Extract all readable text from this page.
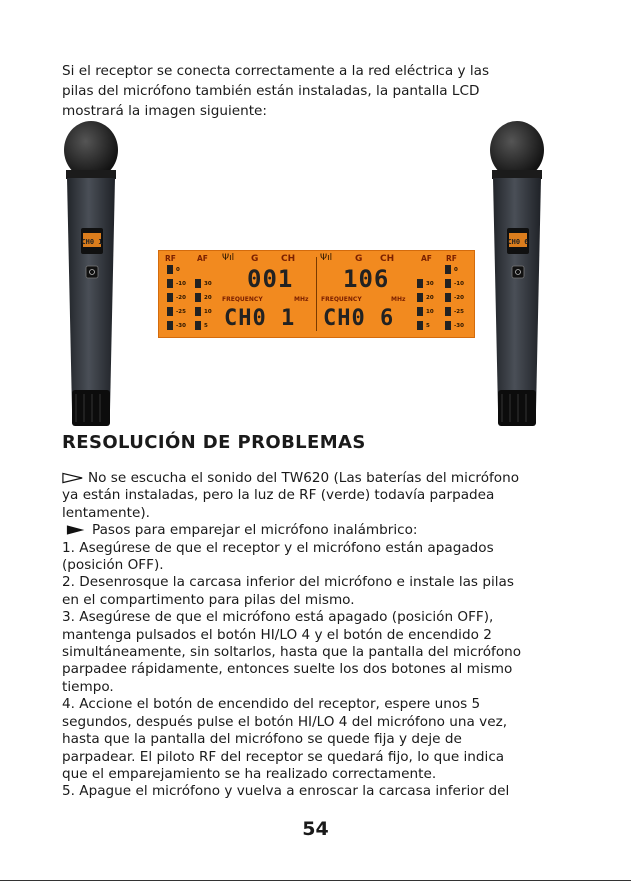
Si el receptor se conecta correctamente a la red eléctrica y las
pilas del micrófono también están instaladas, la pantalla LCD
mostrará la imagen siguiente:
CH0 1	CH0 6
RF	AF Ψıl G	CH
0
-10
-20
-25
-30
30
20
10
5
001
FREQUENCY	MHz
CH0 1
Ψıl	G CH	AF RF
106
FREQUENCY	MHz
CH0 6
30
20
10
5
0
-10
-20
-25
-30
RESOLUCIÓN DE PROBLEMAS
No se escucha el sonido del TW620 (Las baterías del micrófono
ya están instaladas, pero la luz de RF (verde) todavía parpadea
lentamente).
Pasos para emparejar el micrófono inalámbrico:
1. Asegúrese de que el receptor y el micrófono están apagados
(posición OFF).
2. Desenrosque la carcasa inferior del micrófono e instale las pilas
en el compartimento para pilas del mismo.
3. Asegúrese de que el micrófono está apagado (posición OFF),
mantenga pulsados el botón HI/LO 4 y el botón de encendido 2
simultáneamente, sin soltarlos, hasta que la pantalla del micrófono
parpadee rápidamente, entonces suelte los dos botones al mismo
tiempo.
4. Accione el botón de encendido del receptor, espere unos 5
segundos, después pulse el botón HI/LO 4 del micrófono una vez,
hasta que la pantalla del micrófono se quede fija y deje de
parpadear. El piloto RF del receptor se quedará fijo, lo que indica
que el emparejamiento se ha realizado correctamente.
5. Apague el micrófono y vuelva a enroscar la carcasa inferior del
54
